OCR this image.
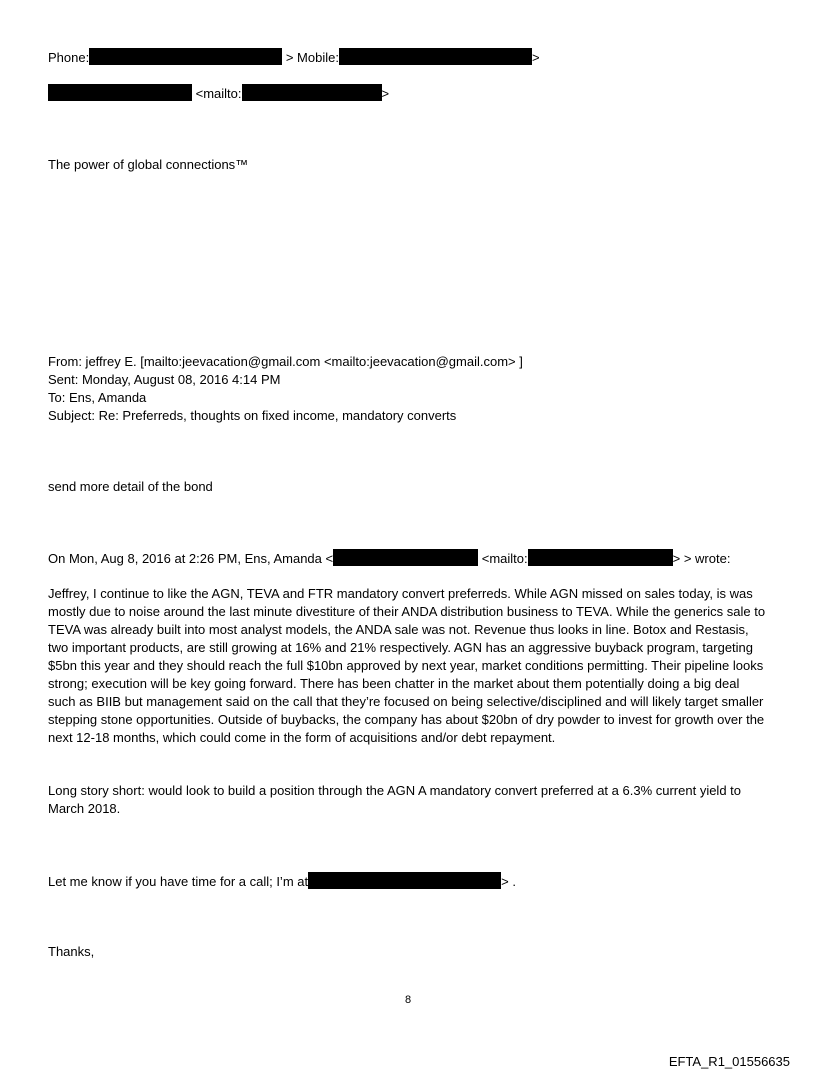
Phone:	> Mobile:	>
<mailto:	>
The power of global connections™
From: jeffrey E. [mailto:jeevacation@gmail.com <mailto:jeevacation@gmail.com> ]
Sent: Monday, August 08, 2016 4:14 PM
To: Ens, Amanda
Subject: Re: Preferreds, thoughts on fixed income, mandatory converts
send more detail of the bond
On Mon, Aug 8, 2016 at 2:26 PM, Ens, Amanda <	<mailto:	> > wrote:
Jeffrey, I continue to like the AGN, TEVA and FTR mandatory convert preferreds. While AGN missed on sales today, is was mostly due to noise around the last minute divestiture of their ANDA distribution business to TEVA. While the generics sale to TEVA was already built into most analyst models, the ANDA sale was not. Revenue thus looks in line. Botox and Restasis, two important products, are still growing at 16% and 21% respectively. AGN has an aggressive buyback program, targeting $5bn this year and they should reach the full $10bn approved by next year, market conditions permitting. Their pipeline looks strong; execution will be key going forward. There has been chatter in the market about them potentially doing a big deal such as BIIB but management said on the call that they’re focused on being selective/disciplined and will likely target smaller stepping stone opportunities. Outside of buybacks, the company has about $20bn of dry powder to invest for growth over the next 12-18 months, which could come in the form of acquisitions and/or debt repayment.
Long story short: would look to build a position through the AGN A mandatory convert preferred at a 6.3% current yield to March 2018.
Let me know if you have time for a call; I’m at	> .
Thanks,
8
EFTA_R1_01556635
